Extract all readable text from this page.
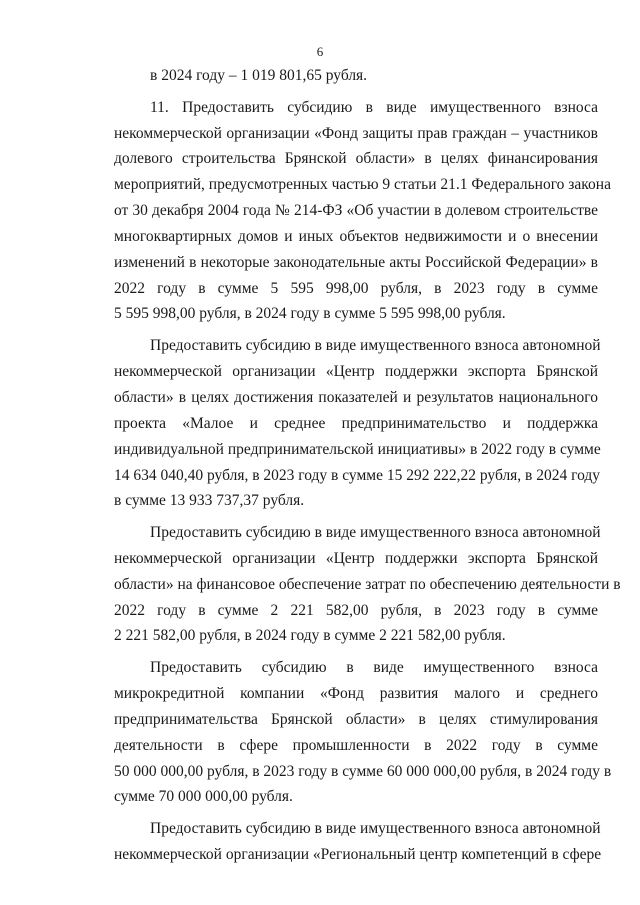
6
в 2024 году – 1 019 801,65 рубля.
11. Предоставить субсидию в виде имущественного взноса
некоммерческой организации «Фонд защиты прав граждан – участников
долевого строительства Брянской области» в целях финансирования
мероприятий, предусмотренных частью 9 статьи 21.1 Федерального закона
от 30 декабря 2004 года № 214-ФЗ «Об участии в долевом строительстве
многоквартирных домов и иных объектов недвижимости и о внесении
изменений в некоторые законодательные акты Российской Федерации» в
2022 году в сумме 5 595 998,00 рубля, в 2023 году в сумме
5 595 998,00 рубля, в 2024 году в сумме 5 595 998,00 рубля.
Предоставить субсидию в виде имущественного взноса автономной
некоммерческой организации «Центр поддержки экспорта Брянской
области» в целях достижения показателей и результатов национального
проекта «Малое и среднее предпринимательство и поддержка
индивидуальной предпринимательской инициативы» в 2022 году в сумме
14 634 040,40 рубля, в 2023 году в сумме 15 292 222,22 рубля, в 2024 году
в сумме 13 933 737,37 рубля.
Предоставить субсидию в виде имущественного взноса автономной
некоммерческой организации «Центр поддержки экспорта Брянской
области» на финансовое обеспечение затрат по обеспечению деятельности в
2022 году в сумме 2 221 582,00 рубля, в 2023 году в сумме
2 221 582,00 рубля, в 2024 году в сумме 2 221 582,00 рубля.
Предоставить субсидию в виде имущественного взноса
микрокредитной компании «Фонд развития малого и среднего
предпринимательства Брянской области» в целях стимулирования
деятельности в сфере промышленности в 2022 году в сумме
50 000 000,00 рубля, в 2023 году в сумме 60 000 000,00 рубля, в 2024 году в
сумме 70 000 000,00 рубля.
Предоставить субсидию в виде имущественного взноса автономной
некоммерческой организации «Региональный центр компетенций в сфере
